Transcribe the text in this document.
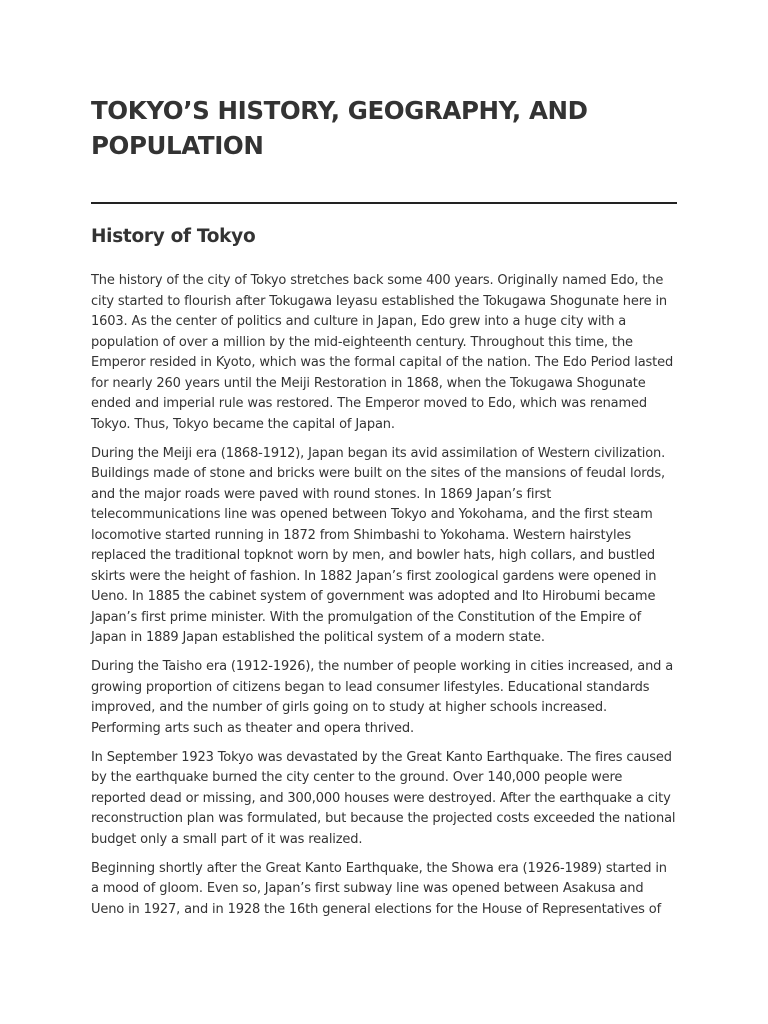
TOKYO’S HISTORY, GEOGRAPHY, AND POPULATION
History of Tokyo

The history of the city of Tokyo stretches back some 400 years. Originally named Edo, the city started to flourish after Tokugawa Ieyasu established the Tokugawa Shogunate here in 1603. As the center of politics and culture in Japan, Edo grew into a huge city with a population of over a million by the mid-eighteenth century. Throughout this time, the Emperor resided in Kyoto, which was the formal capital of the nation. The Edo Period lasted for nearly 260 years until the Meiji Restoration in 1868, when the Tokugawa Shogunate ended and imperial rule was restored. The Emperor moved to Edo, which was renamed Tokyo. Thus, Tokyo became the capital of Japan.

During the Meiji era (1868-1912), Japan began its avid assimilation of Western civilization. Buildings made of stone and bricks were built on the sites of the mansions of feudal lords, and the major roads were paved with round stones. In 1869 Japan’s first telecommunications line was opened between Tokyo and Yokohama, and the first steam locomotive started running in 1872 from Shimbashi to Yokohama. Western hairstyles replaced the traditional topknot worn by men, and bowler hats, high collars, and bustled skirts were the height of fashion. In 1882 Japan’s first zoological gardens were opened in Ueno. In 1885 the cabinet system of government was adopted and Ito Hirobumi became Japan’s first prime minister. With the promulgation of the Constitution of the Empire of Japan in 1889 Japan established the political system of a modern state.

During the Taisho era (1912-1926), the number of people working in cities increased, and a growing proportion of citizens began to lead consumer lifestyles. Educational standards improved, and the number of girls going on to study at higher schools increased. Performing arts such as theater and opera thrived.

In September 1923 Tokyo was devastated by the Great Kanto Earthquake. The fires caused by the earthquake burned the city center to the ground. Over 140,000 people were reported dead or missing, and 300,000 houses were destroyed. After the earthquake a city reconstruction plan was formulated, but because the projected costs exceeded the national budget only a small part of it was realized.

Beginning shortly after the Great Kanto Earthquake, the Showa era (1926-1989) started in a mood of gloom. Even so, Japan’s first subway line was opened between Asakusa and Ueno in 1927, and in 1928 the 16th general elections for the House of Representatives of
